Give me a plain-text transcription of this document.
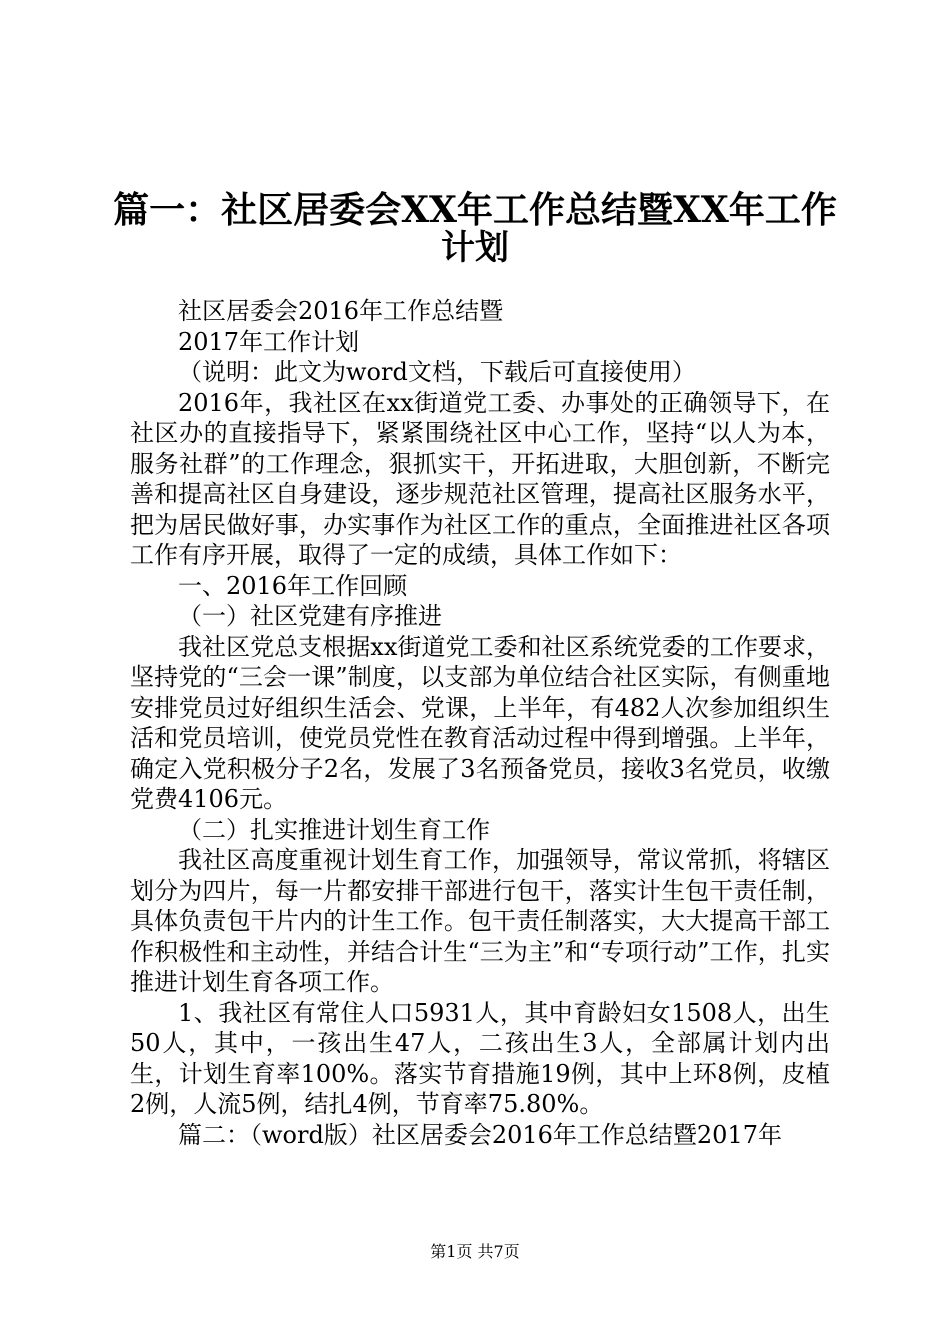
篇一：社区居委会XX年工作总结暨XX年工作
计划

社区居委会2016年工作总结暨

2017年工作计划

（说明：此文为word文档，下载后可直接使用）

2016年，我社区在xx街道党工委、办事处的正确领导下，在社区办的直接指导下，紧紧围绕社区中心工作，坚持“以人为本，服务社群”的工作理念，狠抓实干，开拓进取，大胆创新，不断完善和提高社区自身建设，逐步规范社区管理，提高社区服务水平，把为居民做好事，办实事作为社区工作的重点，全面推进社区各项工作有序开展，取得了一定的成绩，具体工作如下：

一、2016年工作回顾

（一）社区党建有序推进

我社区党总支根据xx街道党工委和社区系统党委的工作要求，坚持党的“三会一课”制度，以支部为单位结合社区实际，有侧重地安排党员过好组织生活会、党课，上半年，有482人次参加组织生活和党员培训，使党员党性在教育活动过程中得到增强。上半年，确定入党积极分子2名，发展了3名预备党员，接收3名党员，收缴党费4106元。

（二）扎实推进计划生育工作

我社区高度重视计划生育工作，加强领导，常议常抓，将辖区划分为四片，每一片都安排干部进行包干，落实计生包干责任制，具体负责包干片内的计生工作。包干责任制落实，大大提高干部工作积极性和主动性，并结合计生“三为主”和“专项行动”工作，扎实推进计划生育各项工作。

1、我社区有常住人口5931人，其中育龄妇女1508人，出生50人，其中，一孩出生47人，二孩出生3人，全部属计划内出生，计划生育率100%。落实节育措施19例，其中上环8例，皮植2例，人流5例，结扎4例，节育率75.80%。

篇二：（word版）社区居委会2016年工作总结暨2017年

第1页 共7页
